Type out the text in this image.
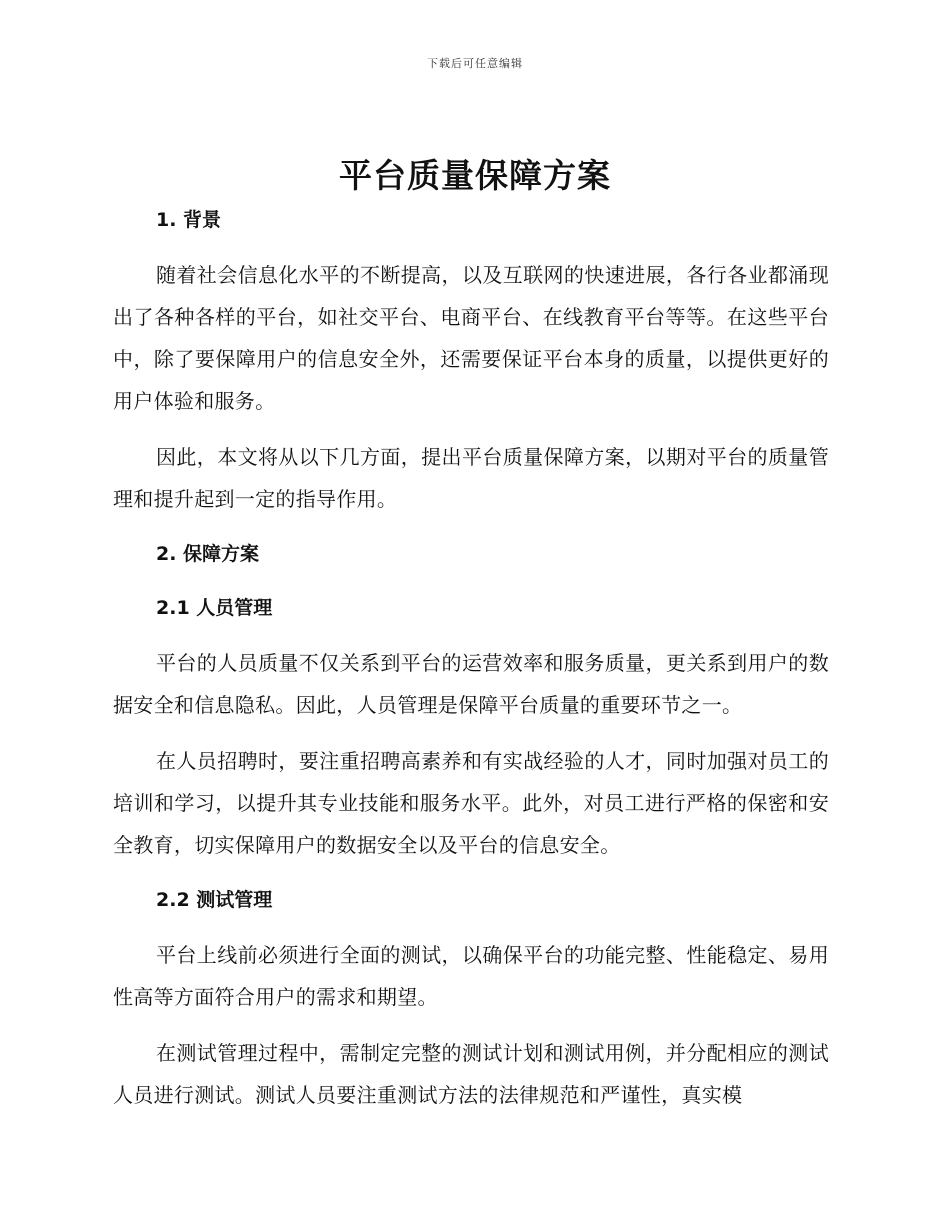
下载后可任意编辑
平台质量保障方案
1. 背景

随着社会信息化水平的不断提高，以及互联网的快速进展，各行各业都涌现出了各种各样的平台，如社交平台、电商平台、在线教育平台等等。在这些平台中，除了要保障用户的信息安全外，还需要保证平台本身的质量，以提供更好的用户体验和服务。

因此，本文将从以下几方面，提出平台质量保障方案，以期对平台的质量管理和提升起到一定的指导作用。

2. 保障方案
2.1 人员管理

平台的人员质量不仅关系到平台的运营效率和服务质量，更关系到用户的数据安全和信息隐私。因此，人员管理是保障平台质量的重要环节之一。

在人员招聘时，要注重招聘高素养和有实战经验的人才，同时加强对员工的培训和学习，以提升其专业技能和服务水平。此外，对员工进行严格的保密和安全教育，切实保障用户的数据安全以及平台的信息安全。

2.2 测试管理

平台上线前必须进行全面的测试，以确保平台的功能完整、性能稳定、易用性高等方面符合用户的需求和期望。

在测试管理过程中，需制定完整的测试计划和测试用例，并分配相应的测试人员进行测试。测试人员要注重测试方法的法律规范和严谨性，真实模
